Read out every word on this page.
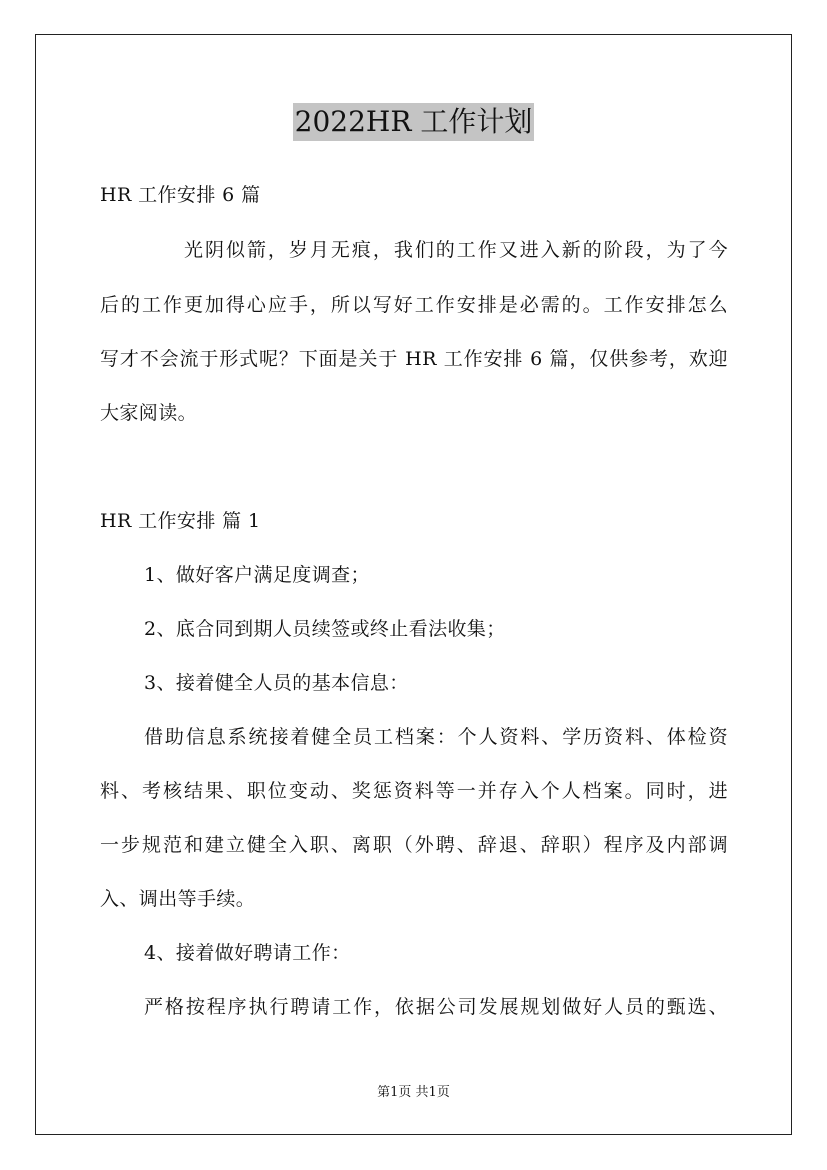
2022HR 工作计划
HR 工作安排 6 篇
光阴似箭，岁月无痕，我们的工作又进入新的阶段，为了今
后的工作更加得心应手，所以写好工作安排是必需的。工作安排怎么
写才不会流于形式呢？下面是关于 HR 工作安排 6 篇，仅供参考，欢迎
大家阅读。
HR 工作安排 篇 1
1、做好客户满足度调查；
2、底合同到期人员续签或终止看法收集；
3、接着健全人员的基本信息：
借助信息系统接着健全员工档案：个人资料、学历资料、体检资
料、考核结果、职位变动、奖惩资料等一并存入个人档案。同时，进
一步规范和建立健全入职、离职（外聘、辞退、辞职）程序及内部调
入、调出等手续。
4、接着做好聘请工作：
严格按程序执行聘请工作，依据公司发展规划做好人员的甄选、
第1页 共1页
